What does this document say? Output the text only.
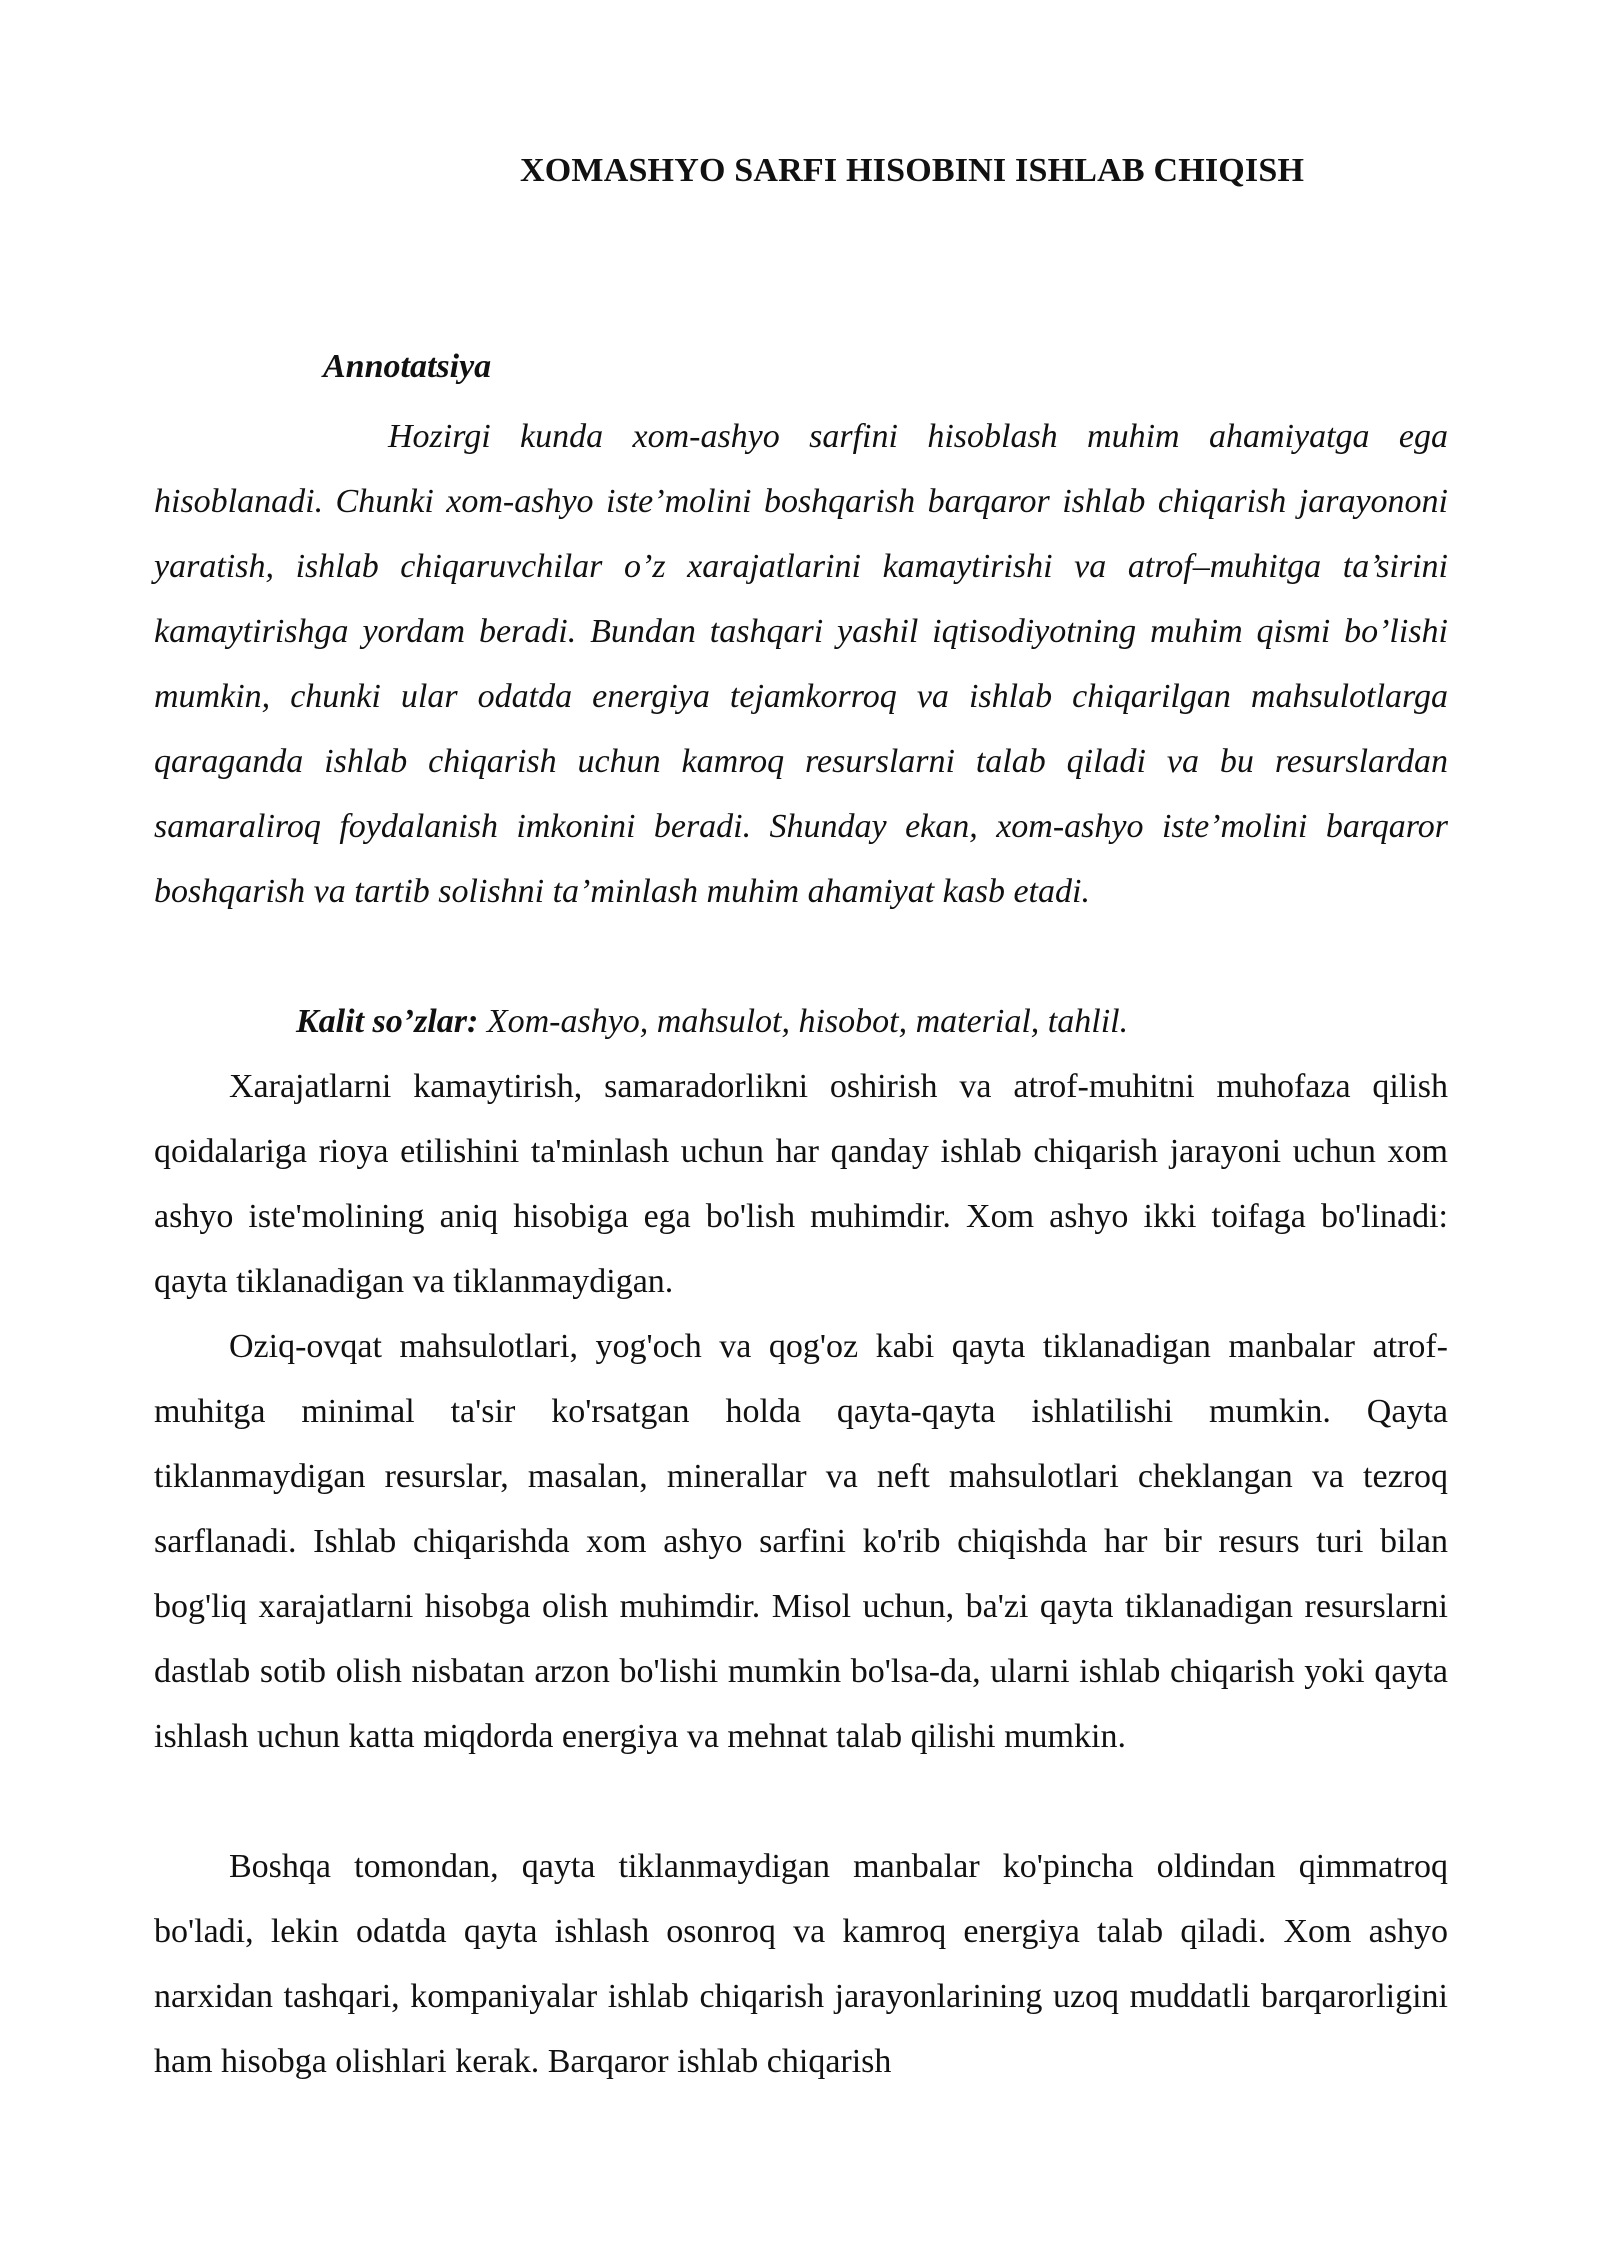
XOMASHYO SARFI HISOBINI ISHLAB CHIQISH
Annotatsiya

Hozirgi kunda xom-ashyo sarfini hisoblash muhim ahamiyatga ega hisoblanadi. Chunki xom-ashyo iste’molini boshqarish barqaror ishlab chiqarish jarayononi yaratish, ishlab chiqaruvchilar o’z xarajatlarini kamaytirishi va atrof–muhitga ta’sirini kamaytirishga yordam beradi. Bundan tashqari yashil iqtisodiyotning muhim qismi bo’lishi mumkin, chunki ular odatda energiya tejamkorroq va ishlab chiqarilgan mahsulotlarga qaraganda ishlab chiqarish uchun kamroq resurslarni talab qiladi va bu resurslardan samaraliroq foydalanish imkonini beradi. Shunday ekan, xom-ashyo iste’molini barqaror boshqarish va tartib solishni ta’minlash muhim ahamiyat kasb etadi.

Kalit so’zlar: Xom-ashyo, mahsulot, hisobot, material, tahlil.

Xarajatlarni kamaytirish, samaradorlikni oshirish va atrof-muhitni muhofaza qilish qoidalariga rioya etilishini ta'minlash uchun har qanday ishlab chiqarish jarayoni uchun xom ashyo iste'molining aniq hisobiga ega bo'lish muhimdir. Xom ashyo ikki toifaga bo'linadi: qayta tiklanadigan va tiklanmaydigan.

Oziq-ovqat mahsulotlari, yog'och va qog'oz kabi qayta tiklanadigan manbalar atrof-muhitga minimal ta'sir ko'rsatgan holda qayta-qayta ishlatilishi mumkin. Qayta tiklanmaydigan resurslar, masalan, minerallar va neft mahsulotlari cheklangan va tezroq sarflanadi. Ishlab chiqarishda xom ashyo sarfini ko'rib chiqishda har bir resurs turi bilan bog'liq xarajatlarni hisobga olish muhimdir. Misol uchun, ba'zi qayta tiklanadigan resurslarni dastlab sotib olish nisbatan arzon bo'lishi mumkin bo'lsa-da, ularni ishlab chiqarish yoki qayta ishlash uchun katta miqdorda energiya va mehnat talab qilishi mumkin.

Boshqa tomondan, qayta tiklanmaydigan manbalar ko'pincha oldindan qimmatroq bo'ladi, lekin odatda qayta ishlash osonroq va kamroq energiya talab qiladi. Xom ashyo narxidan tashqari, kompaniyalar ishlab chiqarish jarayonlarining uzoq muddatli barqarorligini ham hisobga olishlari kerak. Barqaror ishlab chiqarish
